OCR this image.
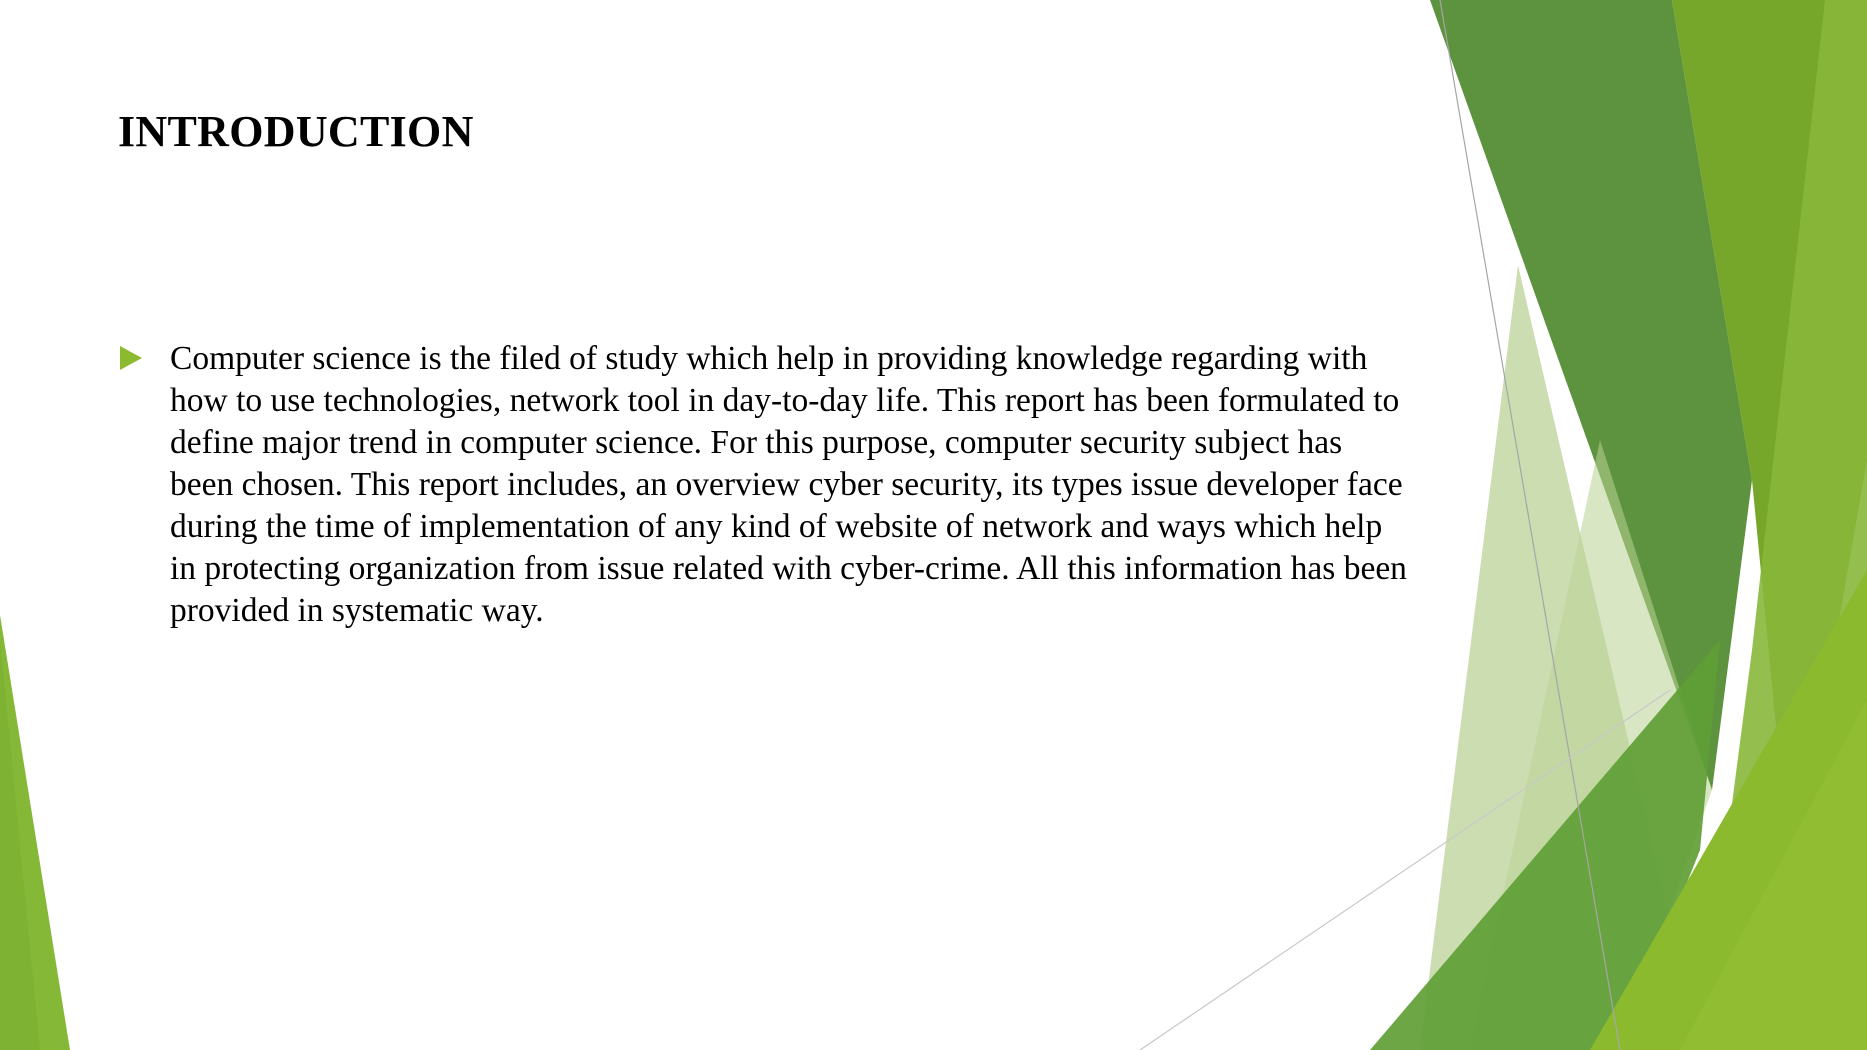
INTRODUCTION
Computer science is the filed of study which help in providing knowledge regarding with how to use technologies, network tool in day-to-day life. This report has been formulated to define major trend in computer science. For this purpose, computer security subject has been chosen. This report includes, an overview cyber security, its types issue developer face during the time of implementation of any kind of website of network and ways which help in protecting organization from issue related with cyber-crime. All this information has been provided in systematic way.
